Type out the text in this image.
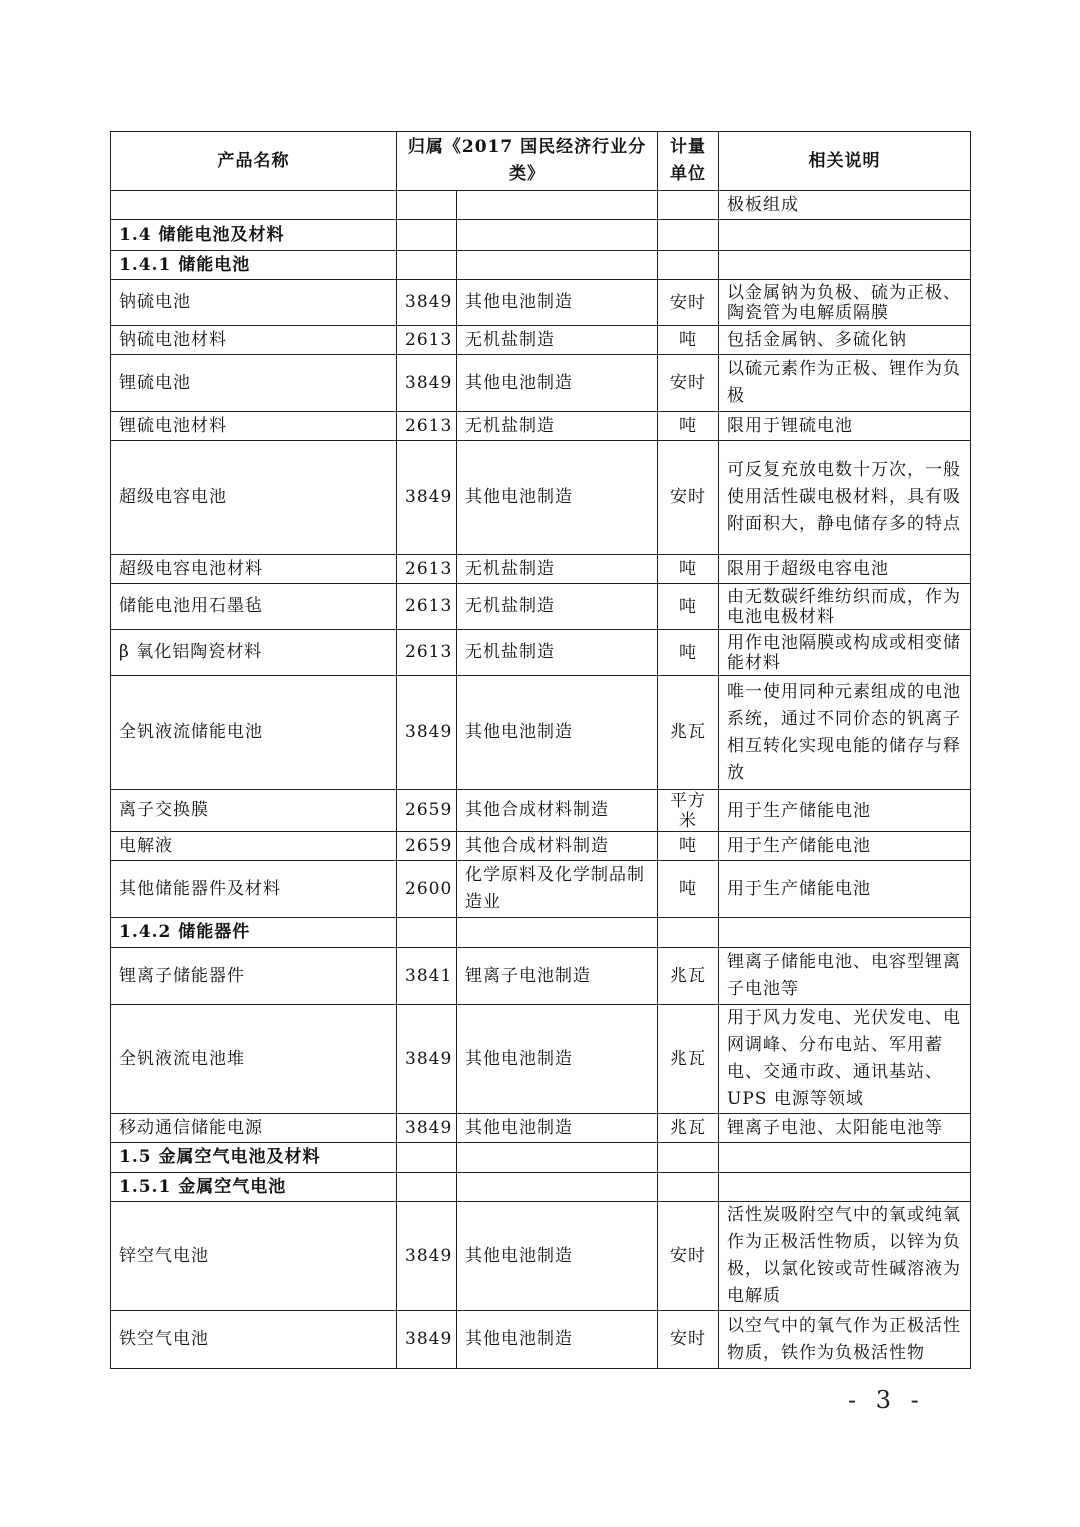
产品名称	归属《2017 国民经济行业分类》		计量单位	相关说明
				极板组成
1.4 储能电池及材料				
1.4.1 储能电池				
钠硫电池	3849	其他电池制造	安时	以金属钠为负极、硫为正极、陶瓷管为电解质隔膜
钠硫电池材料	2613	无机盐制造	吨	包括金属钠、多硫化钠
锂硫电池	3849	其他电池制造	安时	以硫元素作为正极、锂作为负极
锂硫电池材料	2613	无机盐制造	吨	限用于锂硫电池
超级电容电池	3849	其他电池制造	安时	可反复充放电数十万次，一般使用活性碳电极材料，具有吸附面积大，静电储存多的特点
超级电容电池材料	2613	无机盐制造	吨	限用于超级电容电池
储能电池用石墨毡	2613	无机盐制造	吨	由无数碳纤维纺织而成，作为电池电极材料
β 氧化铝陶瓷材料	2613	无机盐制造	吨	用作电池隔膜或构成或相变储能材料
全钒液流储能电池	3849	其他电池制造	兆瓦	唯一使用同种元素组成的电池系统，通过不同价态的钒离子相互转化实现电能的储存与释放
离子交换膜	2659	其他合成材料制造	平方米	用于生产储能电池
电解液	2659	其他合成材料制造	吨	用于生产储能电池
其他储能器件及材料	2600	化学原料及化学制品制造业	吨	用于生产储能电池
1.4.2 储能器件				
锂离子储能器件	3841	锂离子电池制造	兆瓦	锂离子储能电池、电容型锂离子电池等
全钒液流电池堆	3849	其他电池制造	兆瓦	用于风力发电、光伏发电、电网调峰、分布电站、军用蓄电、交通市政、通讯基站、UPS 电源等领域
移动通信储能电源	3849	其他电池制造	兆瓦	锂离子电池、太阳能电池等
1.5 金属空气电池及材料				
1.5.1 金属空气电池				
锌空气电池	3849	其他电池制造	安时	活性炭吸附空气中的氧或纯氧作为正极活性物质，以锌为负极，以氯化铵或苛性碱溶液为电解质
铁空气电池	3849	其他电池制造	安时	以空气中的氧气作为正极活性物质，铁作为负极活性物
- 3 -
